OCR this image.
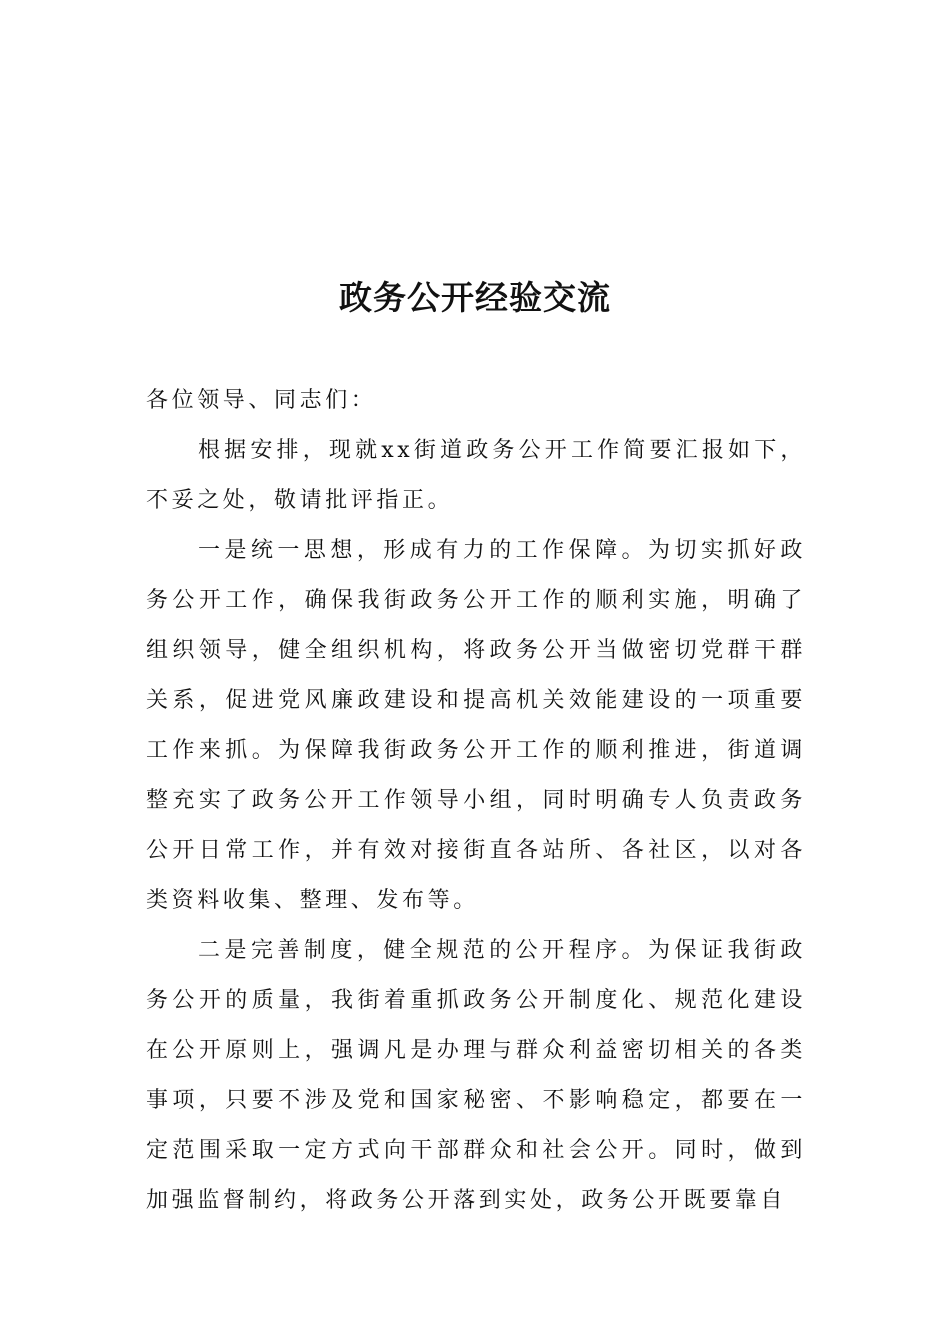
政务公开经验交流

各位领导、同志们：

根据安排，现就xx街道政务公开工作简要汇报如下，不妥之处，敬请批评指正。

一是统一思想，形成有力的工作保障。为切实抓好政务公开工作，确保我街政务公开工作的顺利实施，明确了组织领导，健全组织机构，将政务公开当做密切党群干群关系，促进党风廉政建设和提高机关效能建设的一项重要工作来抓。为保障我街政务公开工作的顺利推进，街道调整充实了政务公开工作领导小组，同时明确专人负责政务公开日常工作，并有效对接街直各站所、各社区，以对各类资料收集、整理、发布等。

二是完善制度，健全规范的公开程序。为保证我街政务公开的质量，我街着重抓政务公开制度化、规范化建设在公开原则上，强调凡是办理与群众利益密切相关的各类事项，只要不涉及党和国家秘密、不影响稳定，都要在一定范围采取一定方式向干部群众和社会公开。同时，做到加强监督制约，将政务公开落到实处，政务公开既要靠自
